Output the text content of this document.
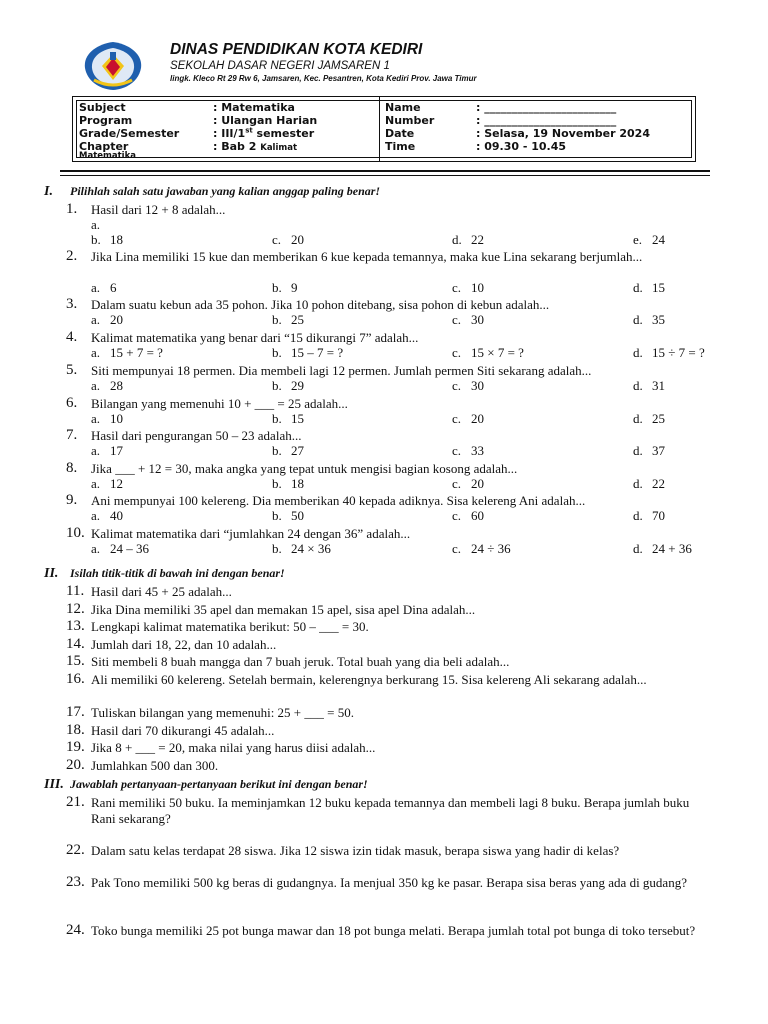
DINAS PENDIDIKAN KOTA KEDIRI

SEKOLAH DASAR NEGERI JAMSAREN 1

lingk. Kleco Rt 29 Rw 6, Jamsaren, Kec. Pesantren, Kota Kediri Prov. Jawa Timur

Subject	: Matematika
Program	: Ulangan Harian
Grade/Semester	: III/1st semester
Chapter	: Bab 2 Kalimat
Matematika
Name	: ________________________
Number	: ________________________
Date	: Selasa, 19 November 2024
Time	: 09.30 - 10.45
I. Pilihlah salah satu jawaban yang kalian anggap paling benar!
II. Isilah titik-titik di bawah ini dengan benar!
III. Jawablah pertanyaan-pertanyaan berikut ini dengan benar!
1.	Hasil dari 12 + 8 adalah...
a.
b. 18	c. 20	d. 22	e. 24
2.	Jika Lina memiliki 15 kue dan memberikan 6 kue kepada temannya, maka kue Lina sekarang berjumlah...
a. 6	b. 9	c. 10	d. 15
3.	Dalam suatu kebun ada 35 pohon. Jika 10 pohon ditebang, sisa pohon di kebun adalah...
a. 20	b. 25	c. 30	d. 35
4.	Kalimat matematika yang benar dari “15 dikurangi 7” adalah...
a. 15 + 7 = ?	b. 15 – 7 = ?	c. 15 × 7 = ?	d. 15 ÷ 7 = ?
5.	Siti mempunyai 18 permen. Dia membeli lagi 12 permen. Jumlah permen Siti sekarang adalah...
a. 28	b. 29	c. 30	d. 31
6.	Bilangan yang memenuhi 10 + ___ = 25 adalah...
a. 10	b. 15	c. 20	d. 25
7.	Hasil dari pengurangan 50 – 23 adalah...
a. 17	b. 27	c. 33	d. 37
8.	Jika ___ + 12 = 30, maka angka yang tepat untuk mengisi bagian kosong adalah...
a. 12	b. 18	c. 20	d. 22
9.	Ani mempunyai 100 kelereng. Dia memberikan 40 kepada adiknya. Sisa kelereng Ani adalah...
a. 40	b. 50	c. 60	d. 70
10. Kalimat matematika dari “jumlahkan 24 dengan 36” adalah...
a. 24 – 36	b. 24 × 36	c. 24 ÷ 36	d. 24 + 36
11. Hasil dari 45 + 25 adalah...
12. Jika Dina memiliki 35 apel dan memakan 15 apel, sisa apel Dina adalah...
13. Lengkapi kalimat matematika berikut: 50 – ___ = 30.
14. Jumlah dari 18, 22, dan 10 adalah...
15. Siti membeli 8 buah mangga dan 7 buah jeruk. Total buah yang dia beli adalah...
16. Ali memiliki 60 kelereng. Setelah bermain, kelerengnya berkurang 15. Sisa kelereng Ali sekarang adalah...
17. Tuliskan bilangan yang memenuhi: 25 + ___ = 50.
18. Hasil dari 70 dikurangi 45 adalah...
19. Jika 8 + ___ = 20, maka nilai yang harus diisi adalah...
20. Jumlahkan 500 dan 300.
21. Rani memiliki 50 buku. Ia meminjamkan 12 buku kepada temannya dan membeli lagi 8 buku. Berapa jumlah buku Rani sekarang?
22. Dalam satu kelas terdapat 28 siswa. Jika 12 siswa izin tidak masuk, berapa siswa yang hadir di kelas?
23. Pak Tono memiliki 500 kg beras di gudangnya. Ia menjual 350 kg ke pasar. Berapa sisa beras yang ada di gudang?
24. Toko bunga memiliki 25 pot bunga mawar dan 18 pot bunga melati. Berapa jumlah total pot bunga di toko tersebut?
